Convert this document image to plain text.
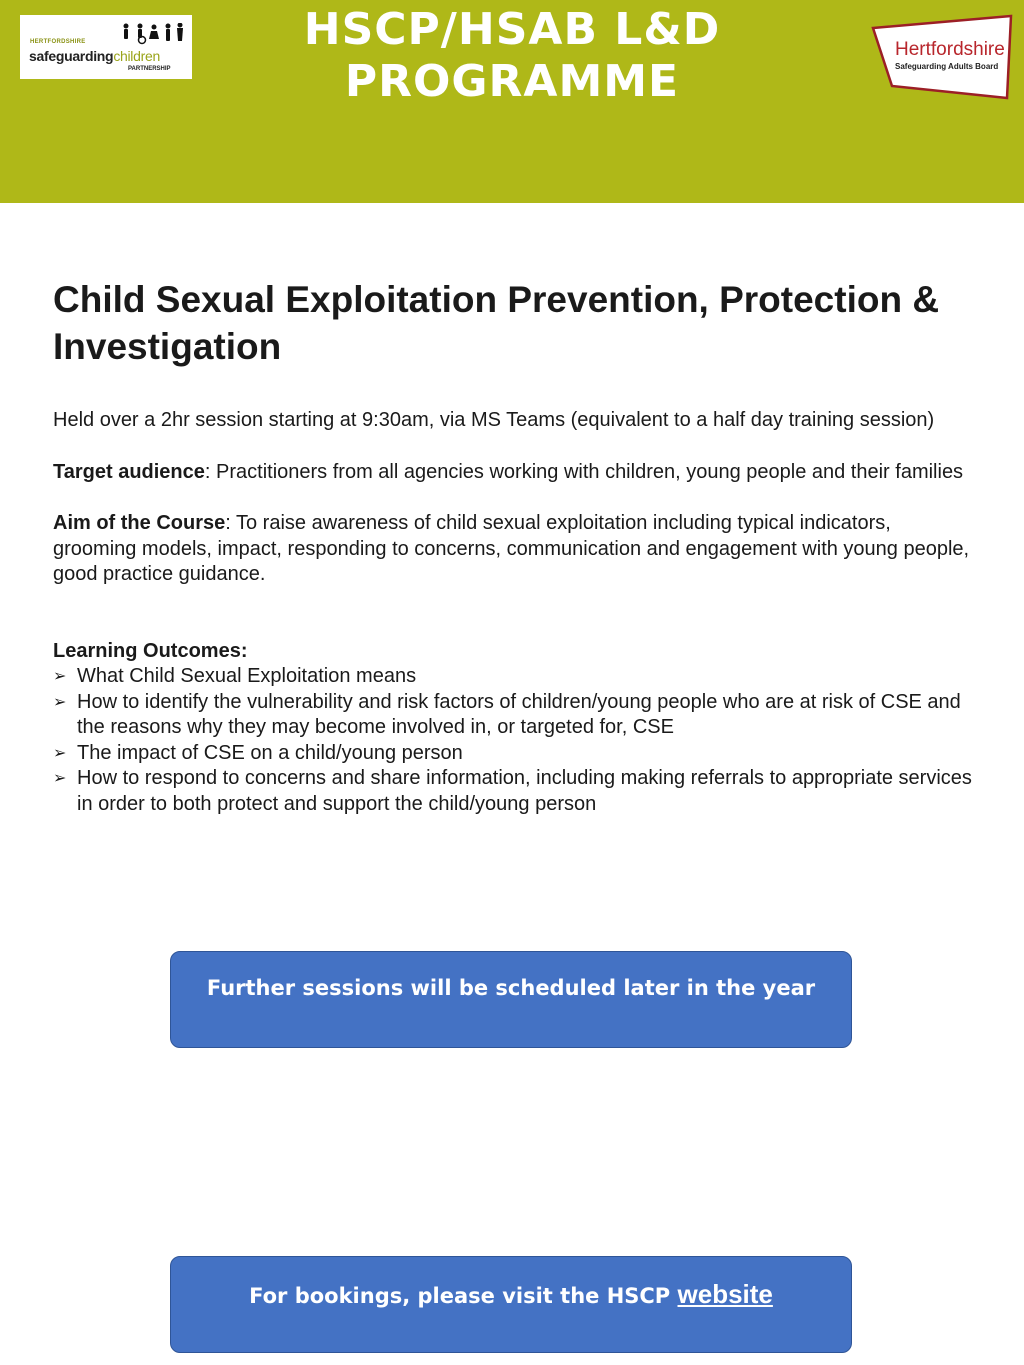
HERTFORDSHIRE
safeguardingchildren
PARTNERSHIP
HSCP/HSAB L&D
PROGRAMME
Hertfordshire
Safeguarding Adults Board
Child Sexual Exploitation Prevention, Protection & Investigation

Held over a 2hr session starting at 9:30am, via MS Teams (equivalent to a half day training session)

Target audience: Practitioners from all agencies working with children, young people and their families

Aim of the Course: To raise awareness of child sexual exploitation including typical indicators, grooming models, impact, responding to concerns, communication and engagement with young people, good practice guidance.

Learning Outcomes:

➢ What Child Sexual Exploitation means
➢ How to identify the vulnerability and risk factors of children/young people who are at risk of CSE and the reasons why they may become involved in, or targeted for, CSE
➢ The impact of CSE on a child/young person
➢ How to respond to concerns and share information, including making referrals to appropriate services in order to both protect and support the child/young person
Further sessions will be scheduled later in the year
For bookings, please visit the HSCP website
